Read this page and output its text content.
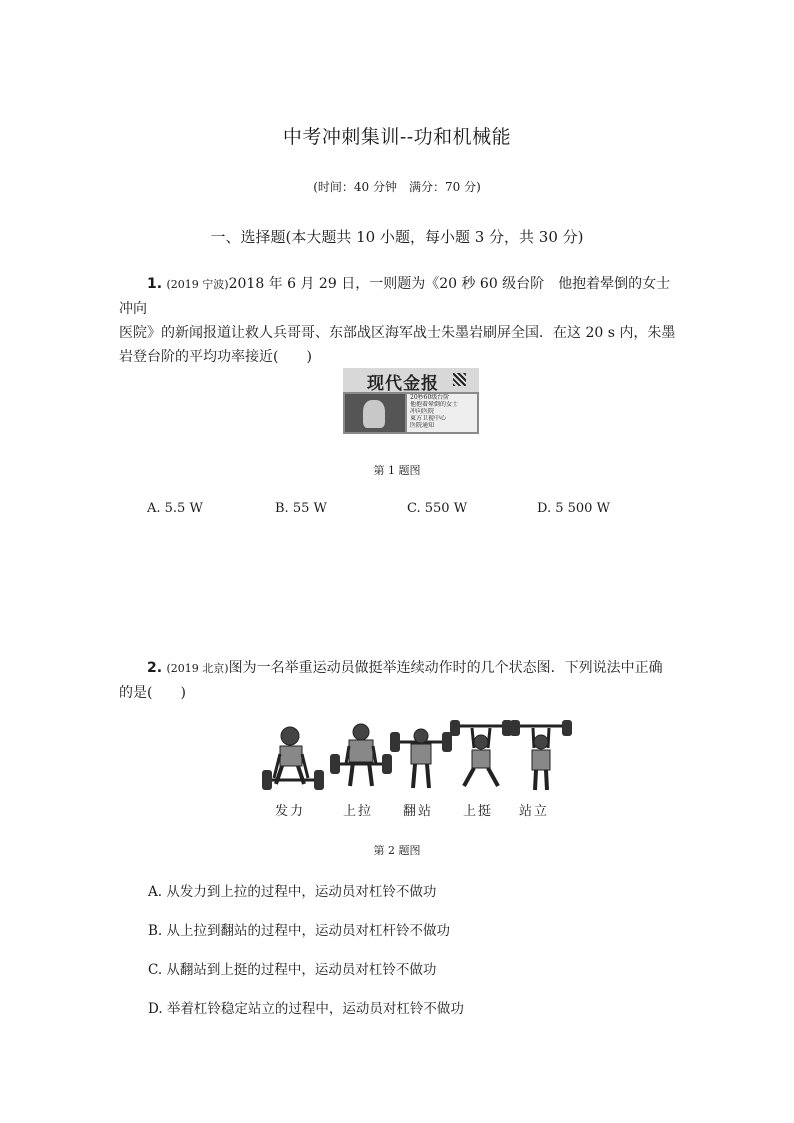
中考冲刺集训--功和机械能
(时间：40 分钟　满分：70 分)
一、选择题(本大题共 10 小题，每小题 3 分，共 30 分)
1. (2019 宁波)2018 年 6 月 29 日，一则题为《20 秒 60 级台阶　他抱着晕倒的女士冲向
医院》的新闻报道让救人兵哥哥、东部战区海军战士朱墨岩刷屏全国．在这 20 s 内，朱墨
岩登台阶的平均功率接近(　　)
现代金报
20秒60级台阶
他抱着晕倒的女士
冲向医院
東方卫视中心
医院通知
第 1 题图
A. 5.5 W	B. 55 W	C. 550 W	D. 5 500 W
2. (2019 北京)图为一名举重运动员做挺举连续动作时的几个状态图．下列说法中正确
的是(　　)
发力	上拉	翻站	上挺	站立
第 2 题图
A. 从发力到上拉的过程中，运动员对杠铃不做功
B. 从上拉到翻站的过程中，运动员对杠杆铃不做功
C. 从翻站到上挺的过程中，运动员对杠铃不做功
D. 举着杠铃稳定站立的过程中，运动员对杠铃不做功
